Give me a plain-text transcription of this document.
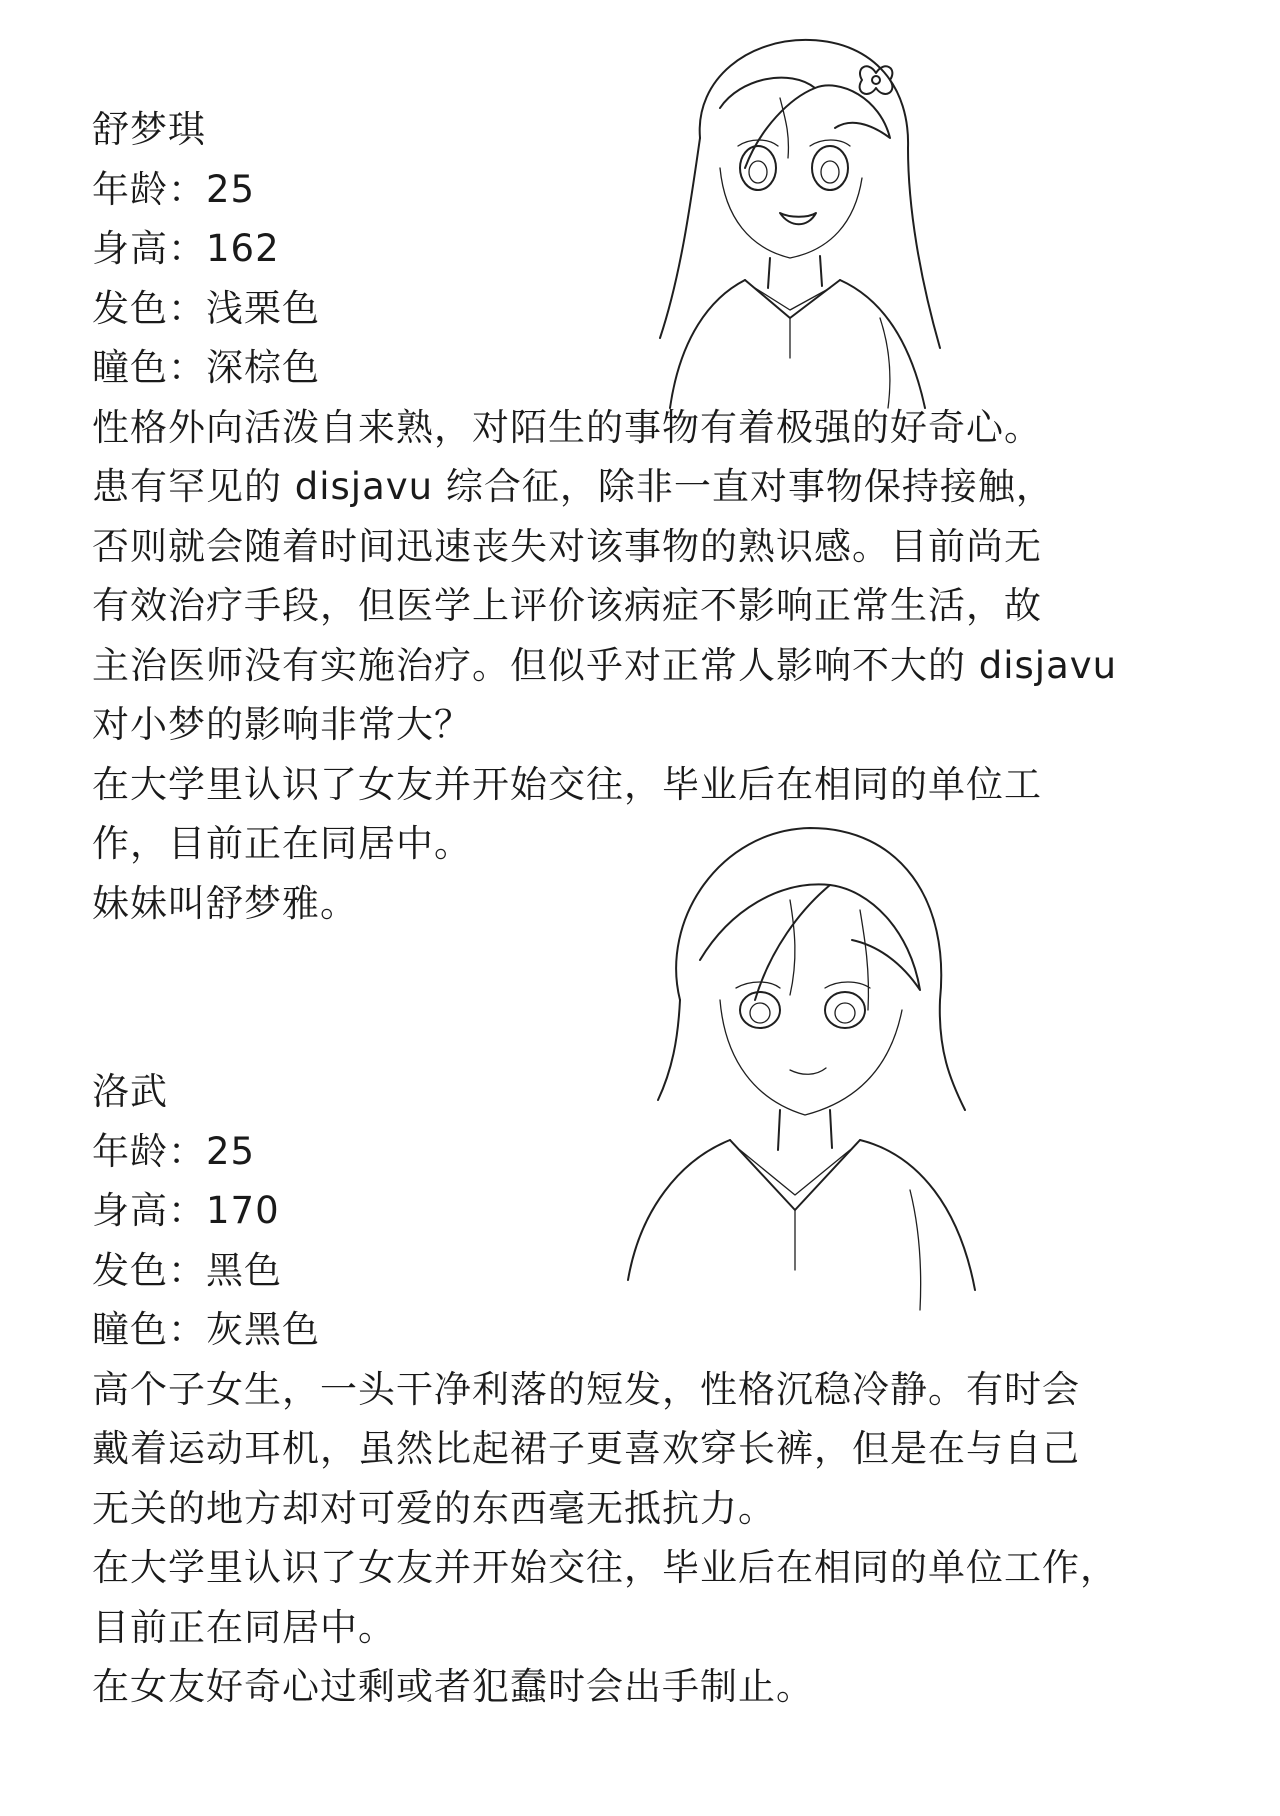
舒梦琪
年龄：25
身高：162
发色：浅栗色
瞳色：深棕色
性格外向活泼自来熟，对陌生的事物有着极强的好奇心。
患有罕见的 disjavu 综合征，除非一直对事物保持接触，
否则就会随着时间迅速丧失对该事物的熟识感。目前尚无
有效治疗手段，但医学上评价该病症不影响正常生活，故
主治医师没有实施治疗。但似乎对正常人影响不大的 disjavu
对小梦的影响非常大？
在大学里认识了女友并开始交往，毕业后在相同的单位工
作，目前正在同居中。
妹妹叫舒梦雅。
洛武
年龄：25
身高：170
发色：黑色
瞳色：灰黑色
高个子女生，一头干净利落的短发，性格沉稳冷静。有时会
戴着运动耳机，虽然比起裙子更喜欢穿长裤，但是在与自己
无关的地方却对可爱的东西毫无抵抗力。
在大学里认识了女友并开始交往，毕业后在相同的单位工作，
目前正在同居中。
在女友好奇心过剩或者犯蠢时会出手制止。
